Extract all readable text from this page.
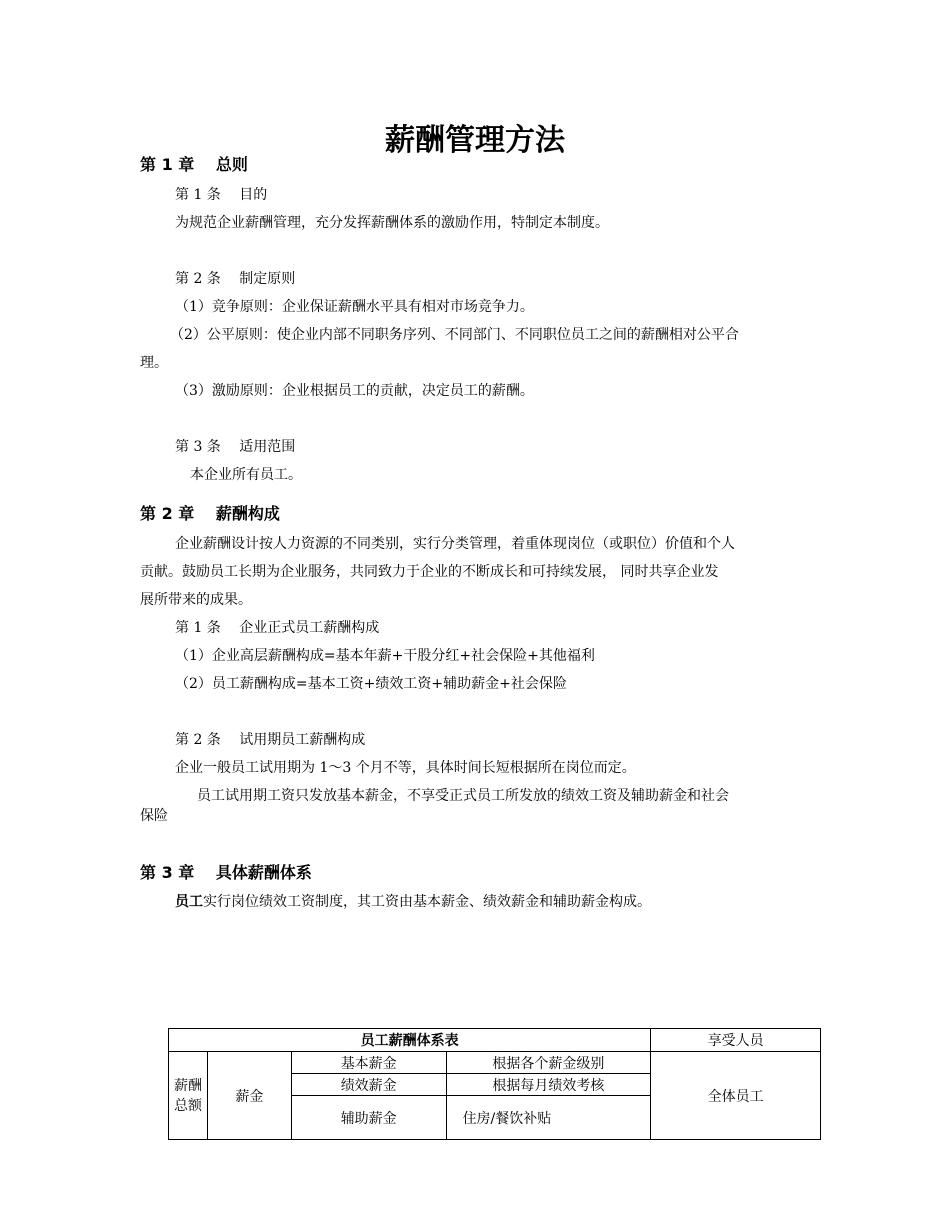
薪酬管理方法
第 1 章　 总则
第 1 条　 目的
为规范企业薪酬管理，充分发挥薪酬体系的激励作用，特制定本制度。
第 2 条　 制定原则
（1）竞争原则：企业保证薪酬水平具有相对市场竞争力。
（2）公平原则：使企业内部不同职务序列、不同部门、不同职位员工之间的薪酬相对公平合
理。
（3）激励原则：企业根据员工的贡献，决定员工的薪酬。
第 3 条　 适用范围
本企业所有员工。
第 2 章　 薪酬构成
企业薪酬设计按人力资源的不同类别，实行分类管理，着重体现岗位（或职位）价值和个人
贡献。鼓励员工长期为企业服务，共同致力于企业的不断成长和可持续发展， 同时共享企业发
展所带来的成果。
第 1 条　 企业正式员工薪酬构成
（1）企业高层薪酬构成=基本年薪+干股分红+社会保险+其他福利
（2）员工薪酬构成=基本工资+绩效工资+辅助薪金+社会保险
第 2 条　 试用期员工薪酬构成
企业一般员工试用期为 1～3 个月不等，具体时间长短根据所在岗位而定。
员工试用期工资只发放基本薪金，不享受正式员工所发放的绩效工资及辅助薪金和社会
保险
第 3 章　 具体薪酬体系
员工实行岗位绩效工资制度，其工资由基本薪金、绩效薪金和辅助薪金构成。
员工薪酬体系表				享受人员

薪酬
总额	薪金	基本薪金	根据各个薪金级别	全体员工
		绩效薪金	根据每月绩效考核	
		辅助薪金	住房/餐饮补贴	
